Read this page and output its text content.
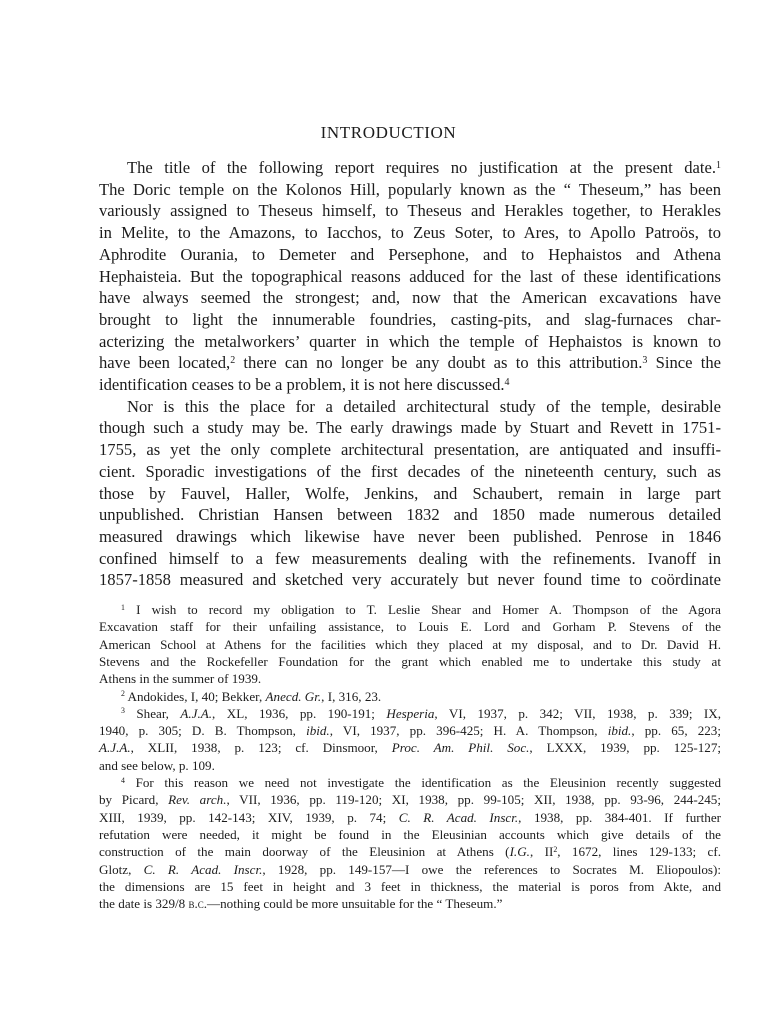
INTRODUCTION
The title of the following report requires no justification at the present date.$^1$
The Doric temple on the Kolonos Hill, popularly known as the “ Theseum,” has been
variously assigned to Theseus himself, to Theseus and Herakles together, to Herakles
in Melite, to the Amazons, to Iacchos, to Zeus Soter, to Ares, to Apollo Patroös, to
Aphrodite Ourania, to Demeter and Persephone, and to Hephaistos and Athena
Hephaisteia. But the topographical reasons adduced for the last of these identifications
have always seemed the strongest; and, now that the American excavations have
brought to light the innumerable foundries, casting-pits, and slag-furnaces char-
acterizing the metalworkers’ quarter in which the temple of Hephaistos is known to
have been located,$^2$ there can no longer be any doubt as to this attribution.$^3$ Since the
identification ceases to be a problem, it is not here discussed.$^4$
Nor is this the place for a detailed architectural study of the temple, desirable
though such a study may be. The early drawings made by Stuart and Revett in 1751-
1755, as yet the only complete architectural presentation, are antiquated and insuffi-
cient. Sporadic investigations of the first decades of the nineteenth century, such as
those by Fauvel, Haller, Wolfe, Jenkins, and Schaubert, remain in large part
unpublished. Christian Hansen between 1832 and 1850 made numerous detailed
measured drawings which likewise have never been published. Penrose in 1846
confined himself to a few measurements dealing with the refinements. Ivanoff in
1857-1858 measured and sketched very accurately but never found time to coördinate
$^1$ I wish to record my obligation to T. Leslie Shear and Homer A. Thompson of the Agora
Excavation staff for their unfailing assistance, to Louis E. Lord and Gorham P. Stevens of the
American School at Athens for the facilities which they placed at my disposal, and to Dr. David H.
Stevens and the Rockefeller Foundation for the grant which enabled me to undertake this study at
Athens in the summer of 1939.
$^2$ Andokides, I, 40; Bekker, Anecd. Gr., I, 316, 23.
$^3$ Shear, A.J.A., XL, 1936, pp. 190-191; Hesperia, VI, 1937, p. 342; VII, 1938, p. 339; IX,
1940, p. 305; D. B. Thompson, ibid., VI, 1937, pp. 396-425; H. A. Thompson, ibid., pp. 65, 223;
A.J.A., XLII, 1938, p. 123; cf. Dinsmoor, Proc. Am. Phil. Soc., LXXX, 1939, pp. 125-127;
and see below, p. 109.
$^4$ For this reason we need not investigate the identification as the Eleusinion recently suggested
by Picard, Rev. arch., VII, 1936, pp. 119-120; XI, 1938, pp. 99-105; XII, 1938, pp. 93-96, 244-245;
XIII, 1939, pp. 142-143; XIV, 1939, p. 74; C. R. Acad. Inscr., 1938, pp. 384-401. If further
refutation were needed, it might be found in the Eleusinian accounts which give details of the
construction of the main doorway of the Eleusinion at Athens (I.G., $II^2$, 1672, lines 129-133; cf.
Glotz, C. R. Acad. Inscr., 1928, pp. 149-157—I owe the references to Socrates M. Eliopoulos):
the dimensions are 15 feet in height and 3 feet in thickness, the material is poros from Akte, and
the date is 329/8 b.c.—nothing could be more unsuitable for the “ Theseum.”
